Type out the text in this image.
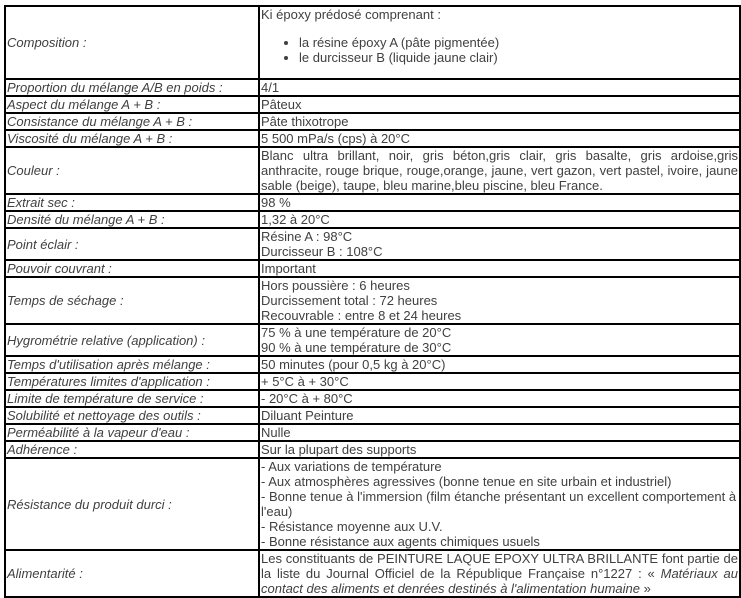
Composition :	
Ki époxy prédosé comprenant :
• la résine époxy A (pâte pigmentée)
• le durcisseur B (liquide jaune clair)

Proportion du mélange A/B en poids :	4/1

Aspect du mélange A + B :	Pâteux

Consistance du mélange A + B :	Pâte thixotrope

Viscosité du mélange A + B :	5 500 mPa/s (cps) à 20°C

Couleur :	Blanc ultra brillant, noir, gris béton,gris clair, gris basalte, gris ardoise,gris anthracite, rouge brique, rouge,orange, jaune, vert gazon, vert pastel, ivoire, jaune sable (beige), taupe, bleu marine,bleu piscine, bleu France.
Extrait sec :	98 %

Densité du mélange A + B :	1,32 à 20°C

Point éclair :	Résine A : 98°C
Durcisseur B : 108°C

Pouvoir couvrant :	Important

Temps de séchage :	Hors poussière : 6 heures
Durcissement total : 72 heures
Recouvrable : entre 8 et 24 heures

Hygrométrie relative (application) :	75 % à une température de 20°C
90 % à une température de 30°C

Temps d'utilisation après mélange :	50 minutes (pour 0,5 kg à 20°C)

Températures limites d'application :	+ 5°C à + 30°C

Limite de température de service :	- 20°C à + 80°C

Solubilité et nettoyage des outils :	Diluant Peinture

Perméabilité à la vapeur d'eau :	Nulle

Adhérence :	Sur la plupart des supports

Résistance du produit durci :	- Aux variations de température
- Aux atmosphères agressives (bonne tenue en site urbain et industriel)
- Bonne tenue à l'immersion (film étanche présentant un excellent comportement à l'eau)
- Résistance moyenne aux U.V.
- Bonne résistance aux agents chimiques usuels

Alimentarité :	Les constituants de PEINTURE LAQUE EPOXY ULTRA BRILLANTE font partie de la liste du Journal Officiel de la République Française n°1227 : « Matériaux au contact des aliments et denrées destinés à l'alimentation humaine »
